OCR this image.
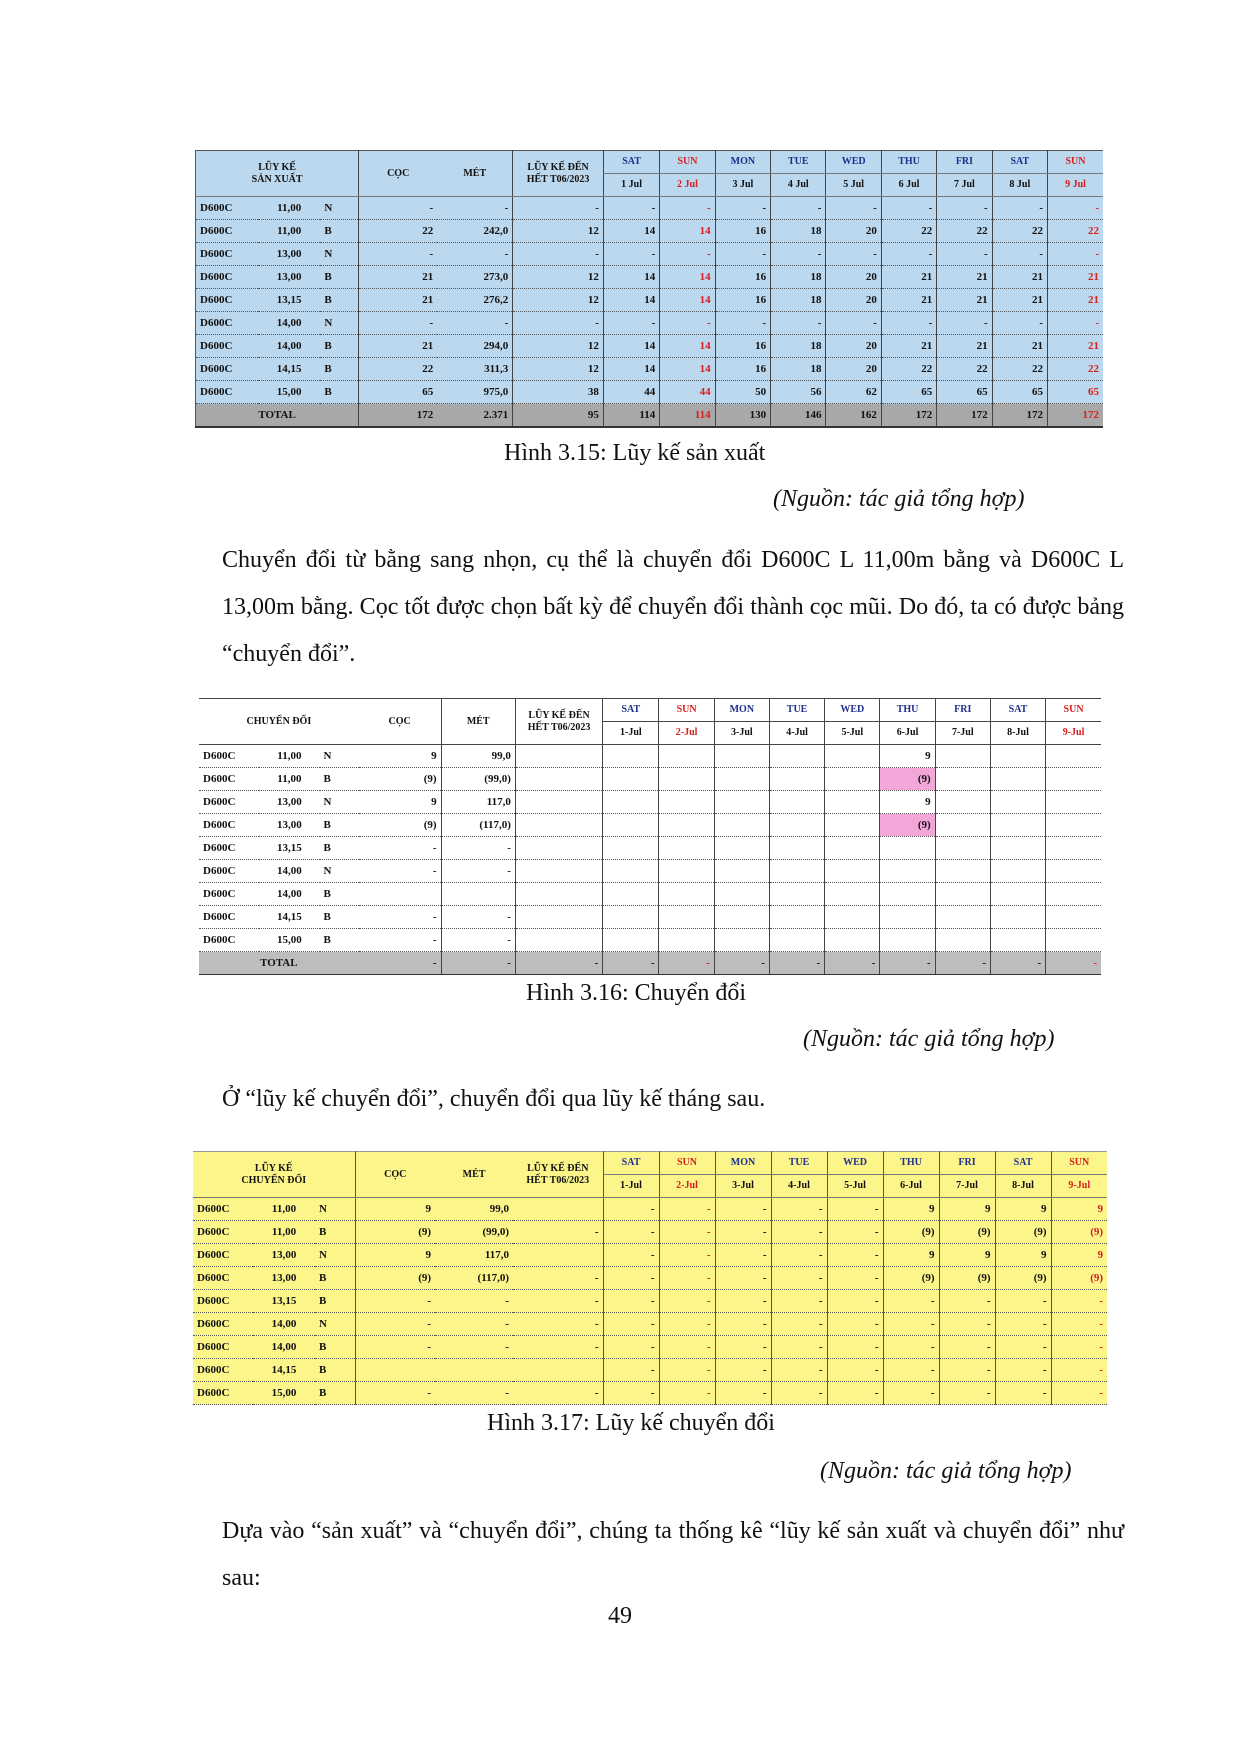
LŨY KẾ
SẢN XUẤT			CỌC	MÉT	LŨY KẾ ĐẾN
HẾT T06/2023	SAT	SUN	MON	TUE	WED	THU	FRI	SAT	SUN
						1 Jul	2 Jul	3 Jul	4 Jul	5 Jul	6 Jul	7 Jul	8 Jul	9 Jul
D600C	11,00	N	-	-	-	-	-	-	-	-	-	-	-	-
D600C	11,00	B	22	242,0	12	14	14	16	18	20	22	22	22	22
D600C	13,00	N	-	-	-	-	-	-	-	-	-	-	-	-
D600C	13,00	B	21	273,0	12	14	14	16	18	20	21	21	21	21
D600C	13,15	B	21	276,2	12	14	14	16	18	20	21	21	21	21
D600C	14,00	N	-	-	-	-	-	-	-	-	-	-	-	-
D600C	14,00	B	21	294,0	12	14	14	16	18	20	21	21	21	21
D600C	14,15	B	22	311,3	12	14	14	16	18	20	22	22	22	22
D600C	15,00	B	65	975,0	38	44	44	50	56	62	65	65	65	65
TOTAL			172	2.371	95	114	114	130	146	162	172	172	172	172
Hình 3.15: Lũy kế sản xuất
(Nguồn: tác giả tổng hợp)
Chuyển đổi từ bằng sang nhọn, cụ thể là chuyển đổi D600C L 11,00m bằng và D600C L 13,00m bằng. Cọc tốt được chọn bất kỳ để chuyển đổi thành cọc mũi. Do đó, ta có được bảng “chuyển đổi”.
CHUYỂN ĐỔI			CỌC	MÉT	LŨY KẾ ĐẾN
HẾT T06/2023	SAT	SUN	MON	TUE	WED	THU	FRI	SAT	SUN
						1-Jul	2-Jul	3-Jul	4-Jul	5-Jul	6-Jul	7-Jul	8-Jul	9-Jul
D600C	11,00	N	9	99,0							9			
D600C	11,00	B	(9)	(99,0)							(9)			
D600C	13,00	N	9	117,0							9			
D600C	13,00	B	(9)	(117,0)							(9)			
D600C	13,15	B	-	-										
D600C	14,00	N	-	-										
D600C	14,00	B												
D600C	14,15	B	-	-										
D600C	15,00	B	-	-										
TOTAL			-	-	-	-	-	-	-	-	-	-	-	-
Hình 3.16: Chuyển đổi
(Nguồn: tác giả tổng hợp)
Ở “lũy kế chuyển đổi”, chuyển đổi qua lũy kế tháng sau.
LŨY KẾ
CHUYỂN ĐỔI			CỌC	MÉT	LŨY KẾ ĐẾN
HẾT T06/2023	SAT	SUN	MON	TUE	WED	THU	FRI	SAT	SUN
						1-Jul	2-Jul	3-Jul	4-Jul	5-Jul	6-Jul	7-Jul	8-Jul	9-Jul
D600C	11,00	N	9	99,0		-	-	-	-	-	9	9	9	9
D600C	11,00	B	(9)	(99,0)	-	-	-	-	-	-	(9)	(9)	(9)	(9)
D600C	13,00	N	9	117,0		-	-	-	-	-	9	9	9	9
D600C	13,00	B	(9)	(117,0)	-	-	-	-	-	-	(9)	(9)	(9)	(9)
D600C	13,15	B	-	-	-	-	-	-	-	-	-	-	-	-
D600C	14,00	N	-	-	-	-	-	-	-	-	-	-	-	-
D600C	14,00	B	-	-	-	-	-	-	-	-	-	-	-	-
D600C	14,15	B				-	-	-	-	-	-	-	-	-
D600C	15,00	B	-	-	-	-	-	-	-	-	-	-	-	-
Hình 3.17: Lũy kế chuyển đổi
(Nguồn: tác giả tổng hợp)
Dựa vào “sản xuất” và “chuyển đổi”, chúng ta thống kê “lũy kế sản xuất và chuyển đổi” như sau:
49
